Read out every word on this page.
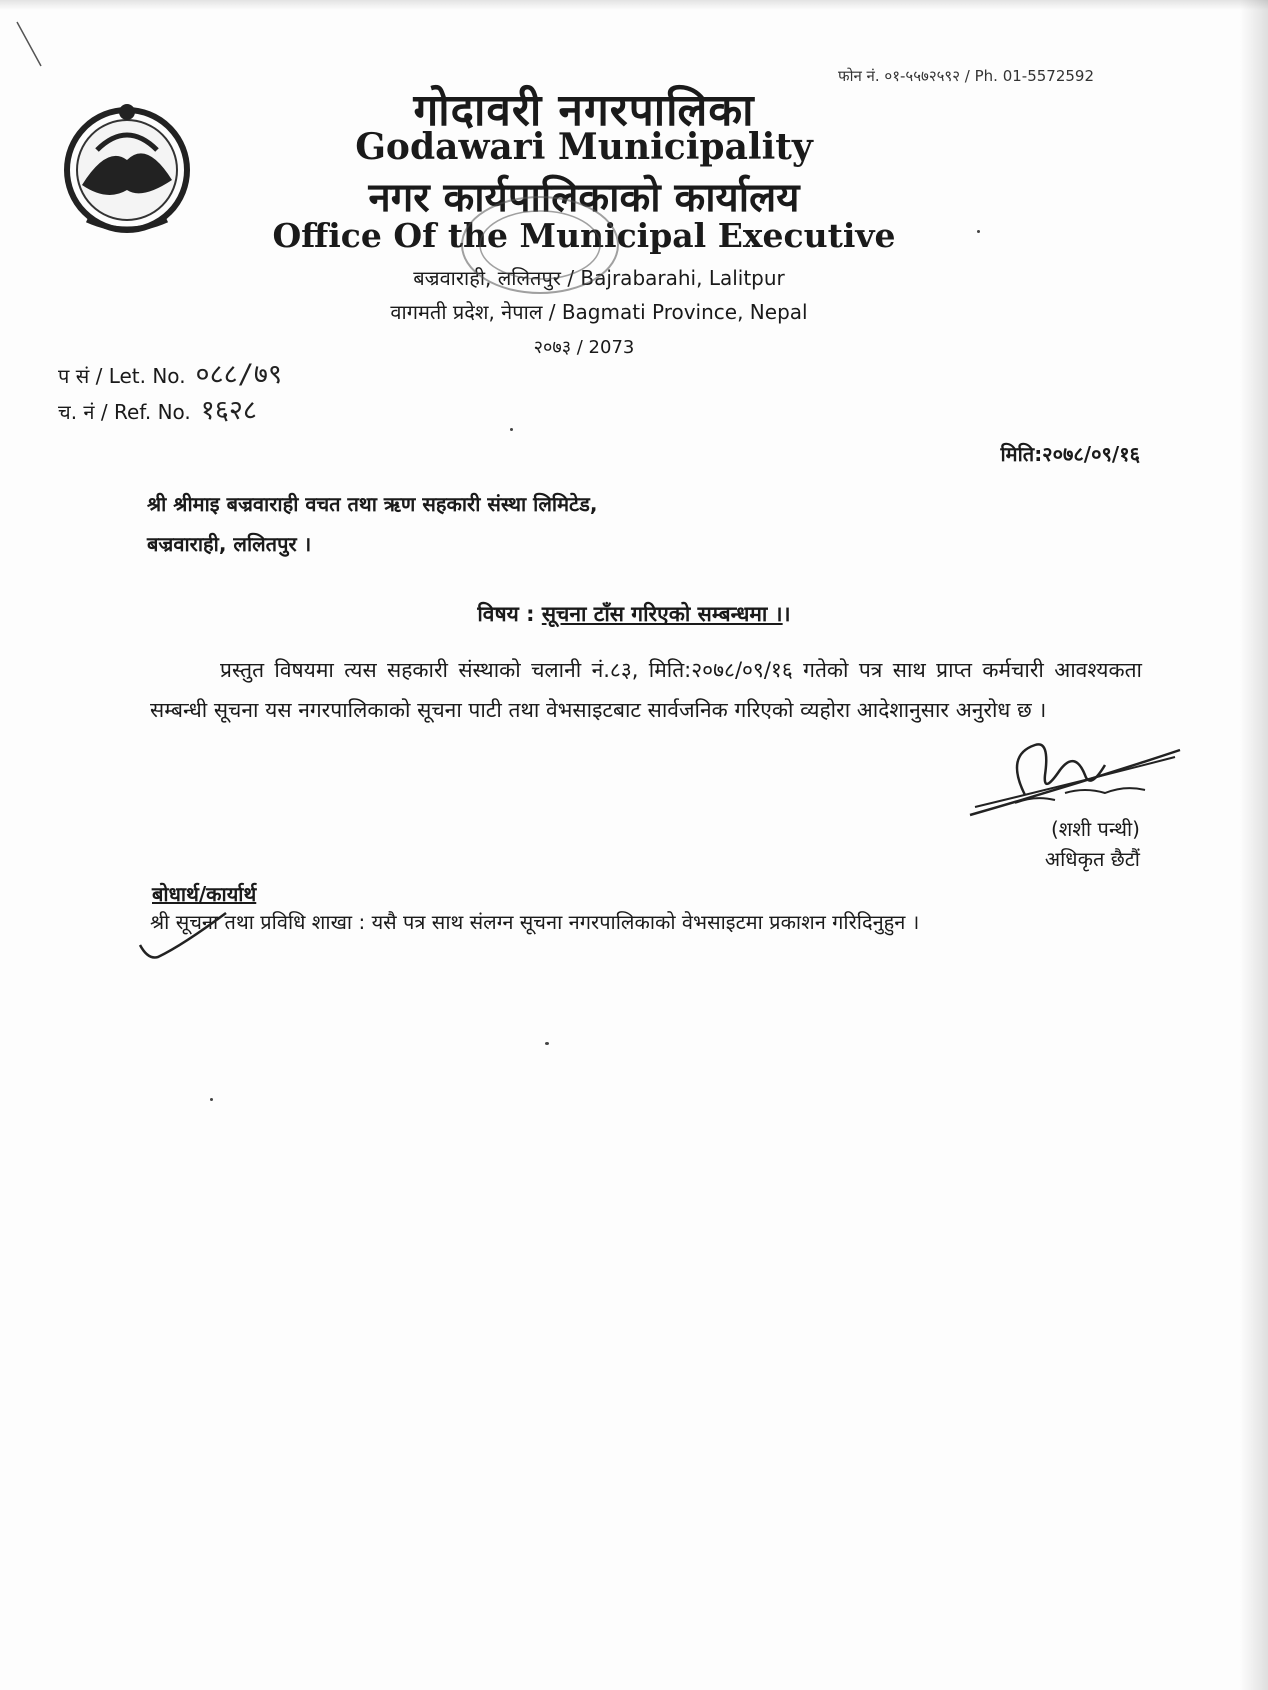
फोन नं. ०१-५५७२५९२ / Ph. 01-5572592
गोदावरी नगरपालिका
Godawari Municipality
नगर कार्यपालिकाको कार्यालय
Office Of the Municipal Executive
बज्रवाराही, ललितपुर / Bajrabarahi, Lalitpur
वागमती प्रदेश, नेपाल / Bagmati Province, Nepal
२०७३ / 2073
प सं / Let. No. ०८८/७९
च. नं / Ref. No. १६२८
मिति:२०७८/०९/१६
श्री श्रीमाइ बज्रवाराही वचत तथा ऋण सहकारी संस्था लिमिटेड,
बज्रवाराही, ललितपुर ।
विषय : सूचना टाँस गरिएको सम्बन्धमा ।।
प्रस्तुत विषयमा त्यस सहकारी संस्थाको चलानी नं.८३, मिति:२०७८/०९/१६ गतेको पत्र साथ प्राप्त कर्मचारी आवश्यकता सम्बन्धी सूचना यस नगरपालिकाको सूचना पाटी तथा वेभसाइटबाट सार्वजनिक गरिएको व्यहोरा आदेशानुसार अनुरोध छ ।
(शशी पन्थी)
अधिकृत छैटौं
बोधार्थ/कार्यार्थ
श्री सूचना तथा प्रविधि शाखा : यसै पत्र साथ संलग्न सूचना नगरपालिकाको वेभसाइटमा प्रकाशन गरिदिनुहुन ।
